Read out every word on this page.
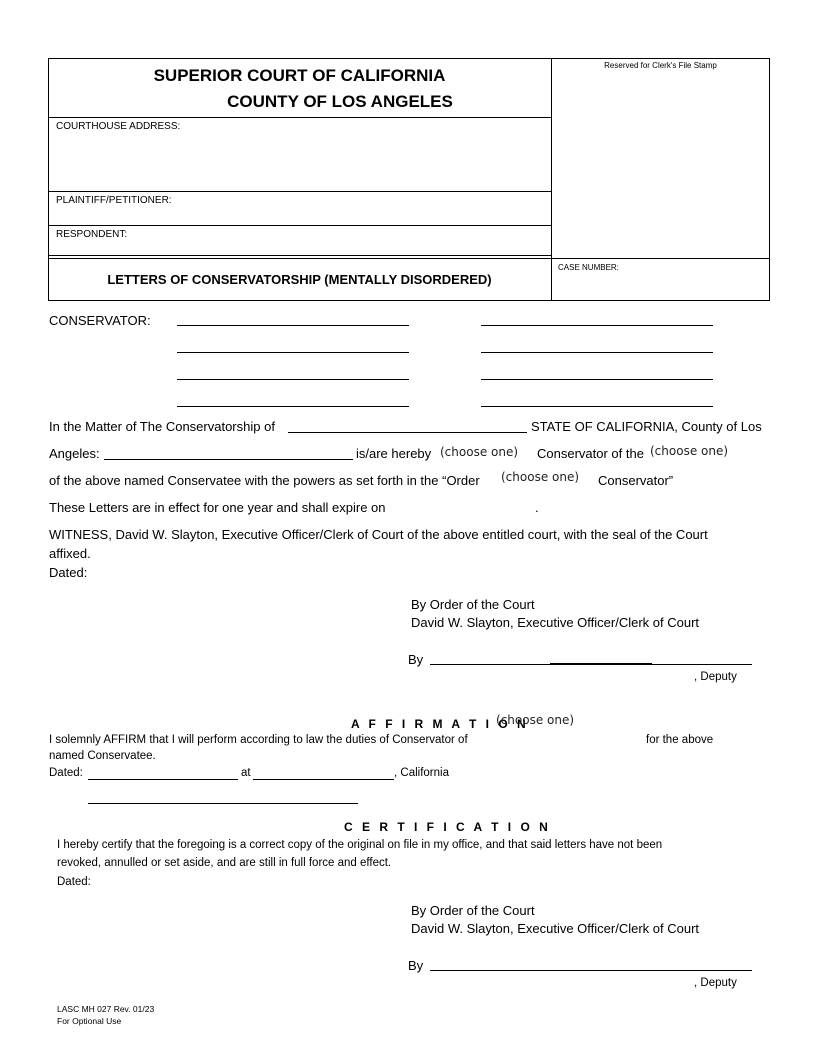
SUPERIOR COURT OF CALIFORNIA
COUNTY OF LOS ANGELES
Reserved for Clerk's File Stamp
COURTHOUSE ADDRESS:
PLAINTIFF/PETITIONER:
RESPONDENT:
LETTERS OF CONSERVATORSHIP (MENTALLY DISORDERED)
CASE NUMBER:
CONSERVATOR:
In the Matter of The Conservatorship of	STATE OF CALIFORNIA, County of Los
Angeles:	is/are hereby (choose one) Conservator of the (choose one)
of the above named Conservatee with the powers as set forth in the “Order (choose one) Conservator”
These Letters are in effect for one year and shall expire on	.
WITNESS, David W. Slayton, Executive Officer/Clerk of Court of the above entitled court, with the seal of the Court
affixed.
Dated:
By Order of the Court
David W. Slayton, Executive Officer/Clerk of Court
By
, Deputy
A F F I R M A T I O N
(choose one)
I solemnly AFFIRM that I will perform according to law the duties of Conservator of	for the above
named Conservatee.
Dated:	at	, California
C E R T I F I C A T I O N
I hereby certify that the foregoing is a correct copy of the original on file in my office, and that said letters have not been
revoked, annulled or set aside, and are still in full force and effect.
Dated:
By Order of the Court
David W. Slayton, Executive Officer/Clerk of Court
By
, Deputy
LASC MH 027 Rev. 01/23
For Optional Use
